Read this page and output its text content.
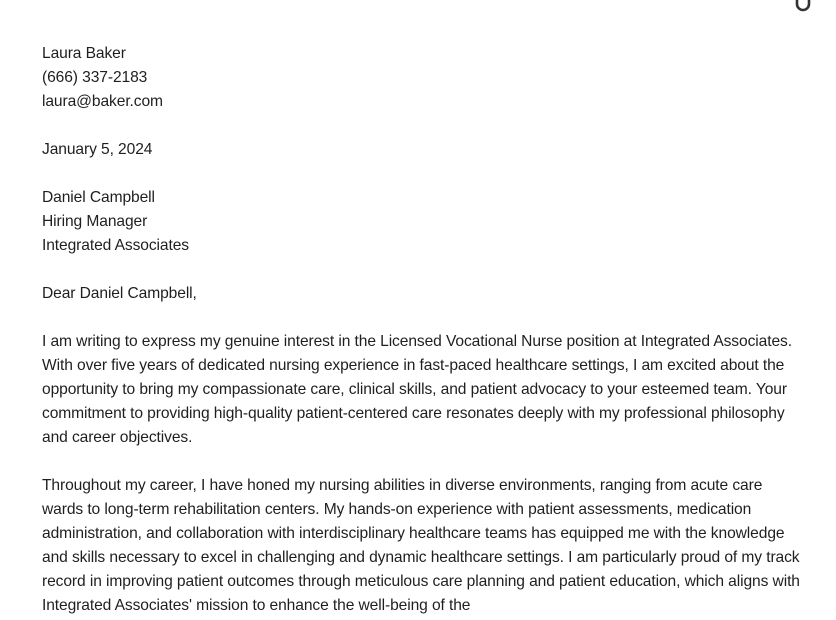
Laura Baker

(666) 337-2183

laura@baker.com

January 5, 2024

Daniel Campbell

Hiring Manager

Integrated Associates

Dear Daniel Campbell,

I am writing to express my genuine interest in the Licensed Vocational Nurse position at Integrated Associates. With over five years of dedicated nursing experience in fast-paced healthcare settings, I am excited about the opportunity to bring my compassionate care, clinical skills, and patient advocacy to your esteemed team. Your commitment to providing high-quality patient-centered care resonates deeply with my professional philosophy and career objectives.

Throughout my career, I have honed my nursing abilities in diverse environments, ranging from acute care wards to long-term rehabilitation centers. My hands-on experience with patient assessments, medication administration, and collaboration with interdisciplinary healthcare teams has equipped me with the knowledge and skills necessary to excel in challenging and dynamic healthcare settings. I am particularly proud of my track record in improving patient outcomes through meticulous care planning and patient education, which aligns with Integrated Associates' mission to enhance the well-being of the
